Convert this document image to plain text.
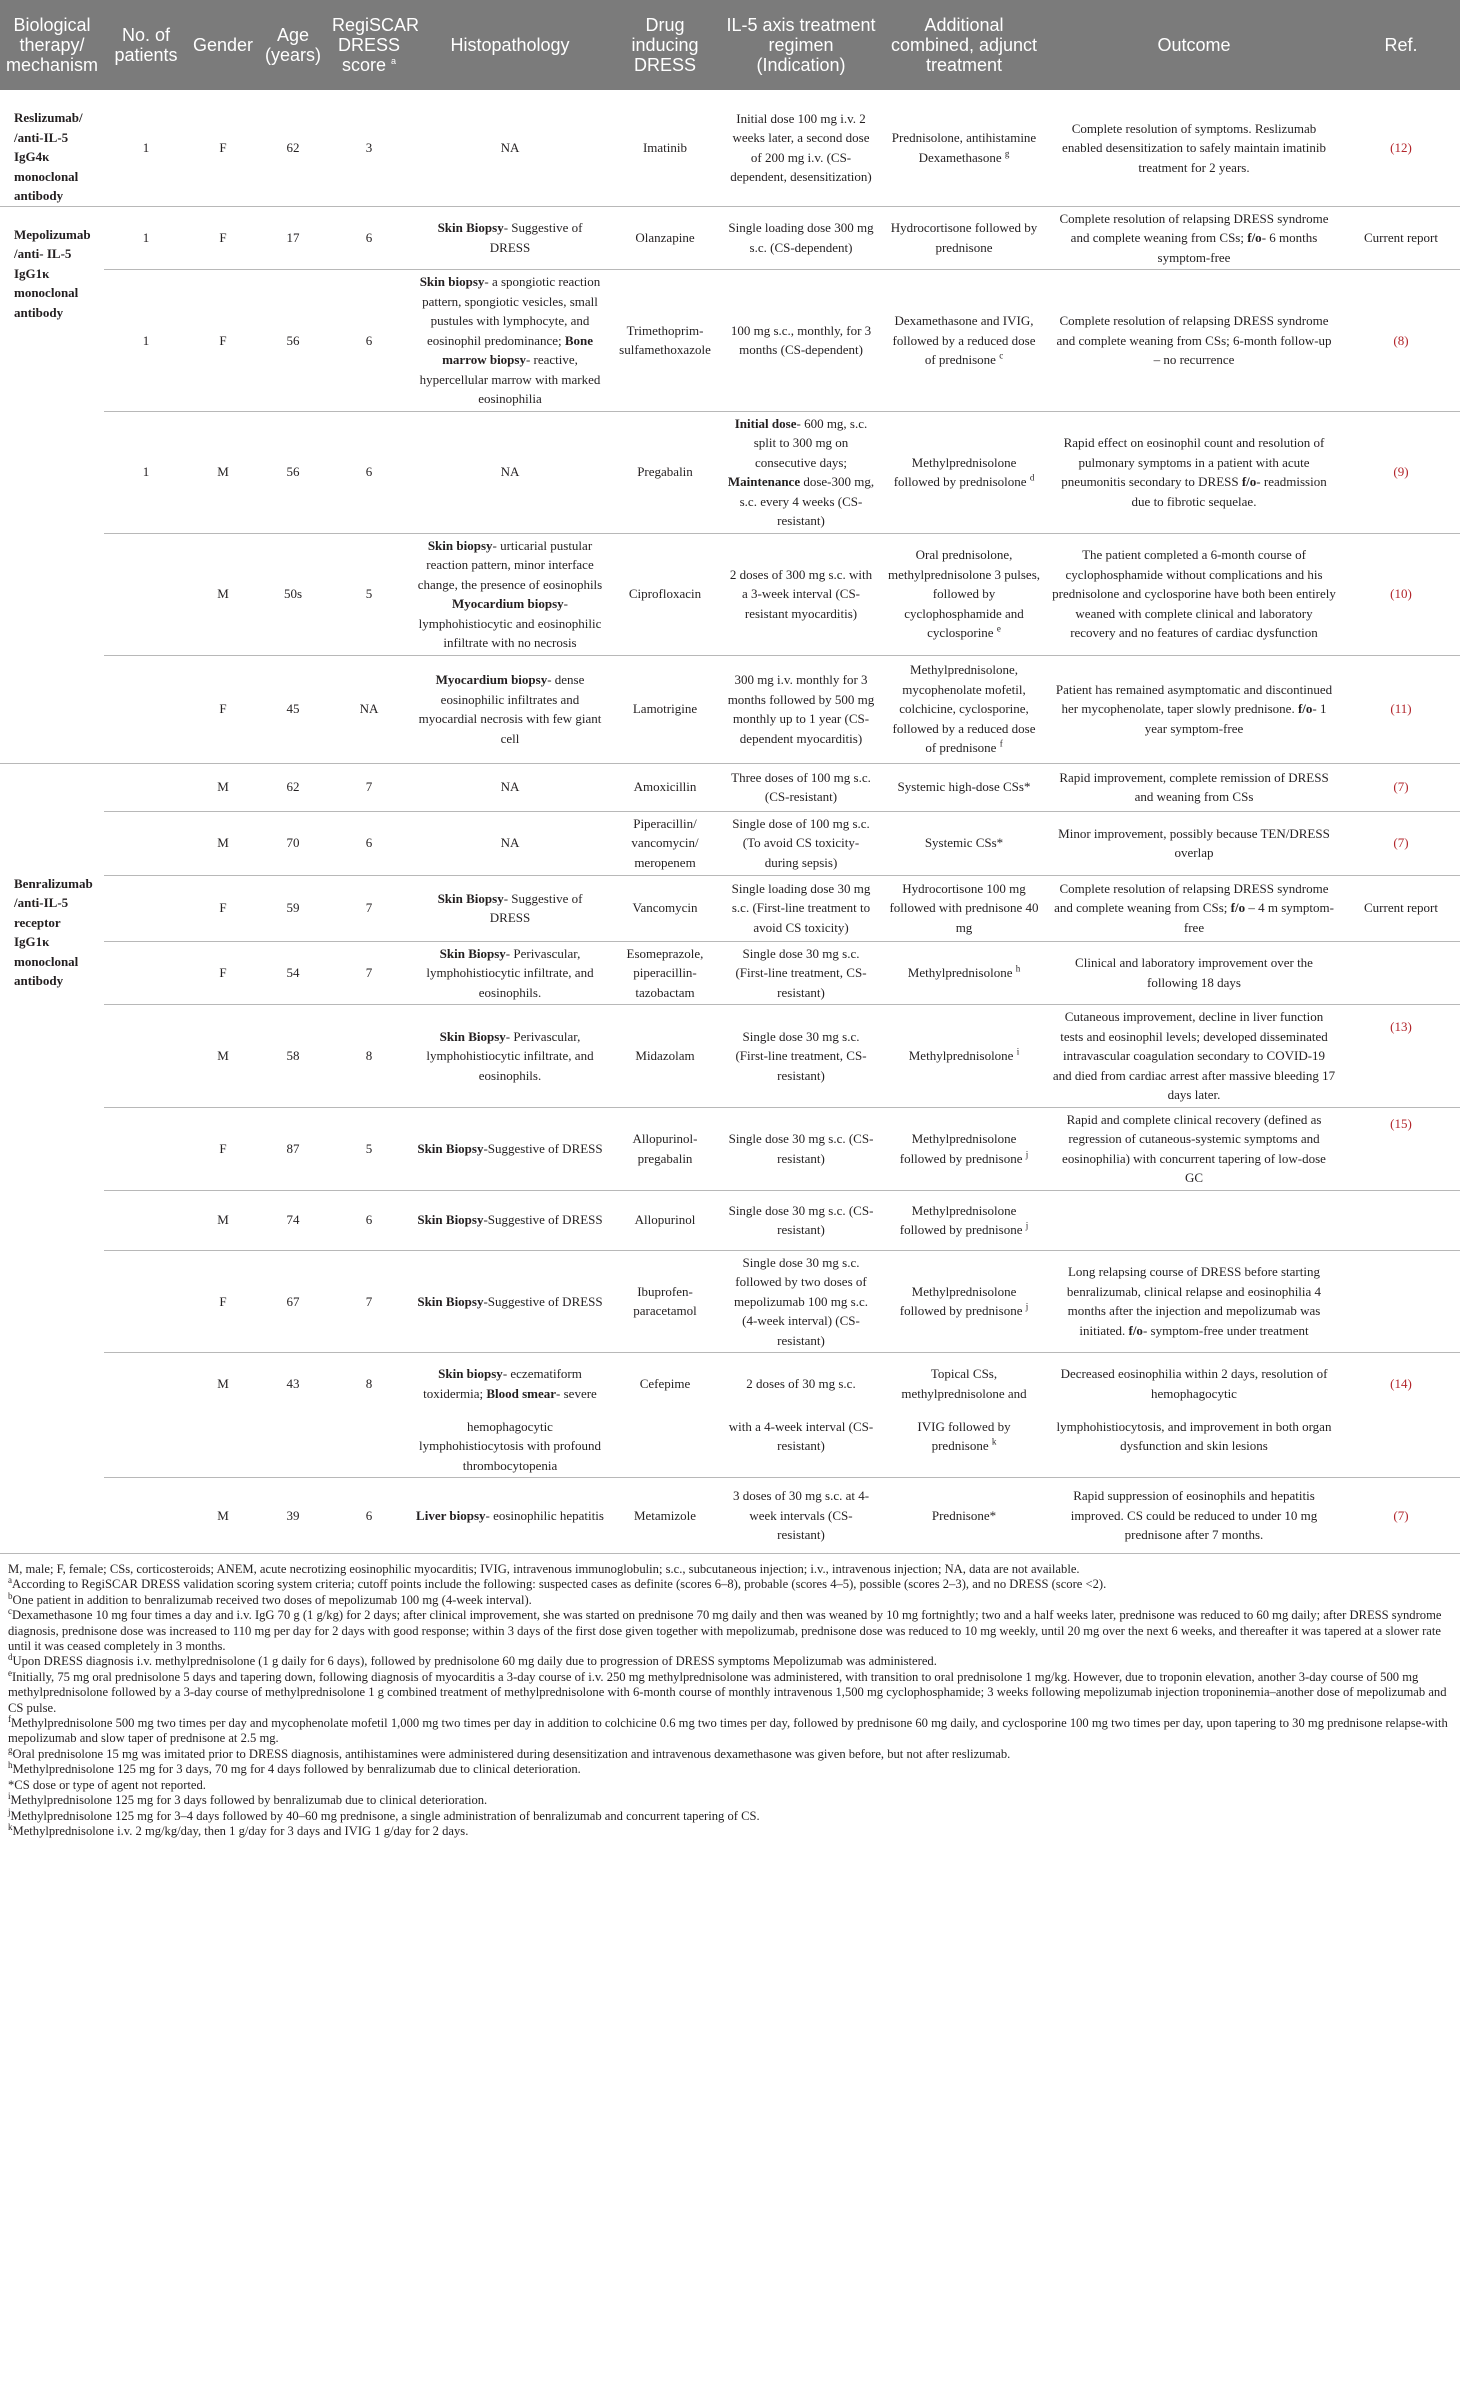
Biological therapy/ mechanism	No. of patients	Gender	Age (years)	RegiSCAR DRESS score $^a$	Histopathology	Drug inducing DRESS	IL-5 axis treatment regimen (Indication)	Additional combined, adjunct treatment	Outcome	Ref.
Reslizumab/ /anti-IL-5 IgG4κ monoclonal antibody	1	F	62	3	NA	Imatinib	Initial dose 100 mg i.v. 2 weeks later, a second dose of 200 mg i.v. (CS-dependent, desensitization)	Prednisolone, antihistamine Dexamethasone $^g$	Complete resolution of symptoms. Reslizumab enabled desensitization to safely maintain imatinib treatment for 2 years.	(12)
Mepolizumab /anti- IL-5 IgG1κ monoclonal antibody	1	F	17	6	Skin Biopsy- Suggestive of DRESS	Olanzapine	Single loading dose 300 mg s.c. (CS-dependent)	Hydrocortisone followed by prednisone	Complete resolution of relapsing DRESS syndrome and complete weaning from CSs; f/o- 6 months symptom-free	Current report
	1	F	56	6	Skin biopsy- a spongiotic reaction pattern, spongiotic vesicles, small pustules with lymphocyte, and eosinophil predominance; Bone marrow biopsy- reactive, hypercellular marrow with marked eosinophilia	Trimethoprim-sulfamethoxazole	100 mg s.c., monthly, for 3 months (CS-dependent)	Dexamethasone and IVIG, followed by a reduced dose of prednisone $^c$	Complete resolution of relapsing DRESS syndrome and complete weaning from CSs; 6-month follow-up – no recurrence	(8)
	1	M	56	6	NA	Pregabalin	Initial dose- 600 mg, s.c. split to 300 mg on consecutive days; Maintenance dose-300 mg, s.c. every 4 weeks (CS-resistant)	Methylprednisolone followed by prednisolone $^d$	Rapid effect on eosinophil count and resolution of pulmonary symptoms in a patient with acute pneumonitis secondary to DRESS f/o- readmission due to fibrotic sequelae.	(9)
		M	50s	5	Skin biopsy- urticarial pustular reaction pattern, minor interface change, the presence of eosinophils Myocardium biopsy- lymphohistiocytic and eosinophilic infiltrate with no necrosis	Ciprofloxacin	2 doses of 300 mg s.c. with a 3-week interval (CS-resistant myocarditis)	Oral prednisolone, methylprednisolone 3 pulses, followed by cyclophosphamide and cyclosporine $^e$	The patient completed a 6-month course of cyclophosphamide without complications and his prednisolone and cyclosporine have both been entirely weaned with complete clinical and laboratory recovery and no features of cardiac dysfunction	(10)
		F	45	NA	Myocardium biopsy- dense eosinophilic infiltrates and myocardial necrosis with few giant cell	Lamotrigine	300 mg i.v. monthly for 3 months followed by 500 mg monthly up to 1 year (CS-dependent myocarditis)	Methylprednisolone, mycophenolate mofetil, colchicine, cyclosporine, followed by a reduced dose of prednisone $^f$	Patient has remained asymptomatic and discontinued her mycophenolate, taper slowly prednisone. f/o- 1 year symptom-free	(11)
Benralizumab /anti-IL-5 receptor IgG1κ monoclonal antibody		M	62	7	NA	Amoxicillin	Three doses of 100 mg s.c. (CS-resistant)	Systemic high-dose CSs*	Rapid improvement, complete remission of DRESS and weaning from CSs	(7)
		M	70	6	NA	Piperacillin/ vancomycin/ meropenem	Single dose of 100 mg s.c. (To avoid CS toxicity-during sepsis)	Systemic CSs*	Minor improvement, possibly because TEN/DRESS overlap	(7)
		F	59	7	Skin Biopsy- Suggestive of DRESS	Vancomycin	Single loading dose 30 mg s.c. (First-line treatment to avoid CS toxicity)	Hydrocortisone 100 mg followed with prednisone 40 mg	Complete resolution of relapsing DRESS syndrome and complete weaning from CSs; f/o – 4 m symptom-free	Current report
		F	54	7	Skin Biopsy- Perivascular, lymphohistiocytic infiltrate, and eosinophils.	Esomeprazole, piperacillin-tazobactam	Single dose 30 mg s.c. (First-line treatment, CS-resistant)	Methylprednisolone $^h$	Clinical and laboratory improvement over the following 18 days	
		M	58	8	Skin Biopsy- Perivascular, lymphohistiocytic infiltrate, and eosinophils.	Midazolam	Single dose 30 mg s.c. (First-line treatment, CS-resistant)	Methylprednisolone $^i$	Cutaneous improvement, decline in liver function tests and eosinophil levels; developed disseminated intravascular coagulation secondary to COVID-19 and died from cardiac arrest after massive bleeding 17 days later.	(13)
		F	87	5	Skin Biopsy-Suggestive of DRESS	Allopurinol-pregabalin	Single dose 30 mg s.c. (CS-resistant)	Methylprednisolone followed by prednisone $^j$	Rapid and complete clinical recovery (defined as regression of cutaneous-systemic symptoms and eosinophilia) with concurrent tapering of low-dose GC	(15)
		M	74	6	Skin Biopsy-Suggestive of DRESS	Allopurinol	Single dose 30 mg s.c. (CS-resistant)	Methylprednisolone followed by prednisone $^j$		
		F	67	7	Skin Biopsy-Suggestive of DRESS	Ibuprofen-paracetamol	Single dose 30 mg s.c. followed by two doses of mepolizumab 100 mg s.c. (4-week interval) (CS-resistant)	Methylprednisolone followed by prednisone $^j$	Long relapsing course of DRESS before starting benralizumab, clinical relapse and eosinophilia 4 months after the injection and mepolizumab was initiated. f/o- symptom-free under treatment	
		M	43	8	Skin biopsy- eczematiform toxidermia; Blood smear- severe	Cefepime	2 doses of 30 mg s.c.	Topical CSs, methylprednisolone and	Decreased eosinophilia within 2 days, resolution of hemophagocytic	(14)
					hemophagocytic lymphohistiocytosis with profound thrombocytopenia		with a 4-week interval (CS-resistant)	IVIG followed by prednisone $^k$	lymphohistiocytosis, and improvement in both organ dysfunction and skin lesions	
		M	39	6	Liver biopsy- eosinophilic hepatitis	Metamizole	3 doses of 30 mg s.c. at 4-week intervals (CS-resistant)	Prednisone*	Rapid suppression of eosinophils and hepatitis improved. CS could be reduced to under 10 mg prednisone after 7 months.	(7)

M, male; F, female; CSs, corticosteroids; ANEM, acute necrotizing eosinophilic myocarditis; IVIG, intravenous immunoglobulin; s.c., subcutaneous injection; i.v., intravenous injection; NA, data are not available.

$^a$According to RegiSCAR DRESS validation scoring system criteria; cutoff points include the following: suspected cases as definite (scores 6–8), probable (scores 4–5), possible (scores 2–3), and no DRESS (score <2).

$^b$One patient in addition to benralizumab received two doses of mepolizumab 100 mg (4-week interval).

$^c$Dexamethasone 10 mg four times a day and i.v. IgG 70 g (1 g/kg) for 2 days; after clinical improvement, she was started on prednisone 70 mg daily and then was weaned by 10 mg fortnightly; two and a half weeks later, prednisone was reduced to 60 mg daily; after DRESS syndrome diagnosis, prednisone dose was increased to 110 mg per day for 2 days with good response; within 3 days of the first dose given together with mepolizumab, prednisone dose was reduced to 10 mg weekly, until 20 mg over the next 6 weeks, and thereafter it was tapered at a slower rate until it was ceased completely in 3 months.

$^d$Upon DRESS diagnosis i.v. methylprednisolone (1 g daily for 6 days), followed by prednisolone 60 mg daily due to progression of DRESS symptoms Mepolizumab was administered.

$^e$Initially, 75 mg oral prednisolone 5 days and tapering down, following diagnosis of myocarditis a 3-day course of i.v. 250 mg methylprednisolone was administered, with transition to oral prednisolone 1 mg/kg. However, due to troponin elevation, another 3-day course of 500 mg methylprednisolone followed by a 3-day course of methylprednisolone 1 g combined treatment of methylprednisolone with 6-month course of monthly intravenous 1,500 mg cyclophosphamide; 3 weeks following mepolizumab injection troponinemia–another dose of mepolizumab and CS pulse.

$^f$Methylprednisolone 500 mg two times per day and mycophenolate mofetil 1,000 mg two times per day in addition to colchicine 0.6 mg two times per day, followed by prednisone 60 mg daily, and cyclosporine 100 mg two times per day, upon tapering to 30 mg prednisone relapse-with mepolizumab and slow taper of prednisone at 2.5 mg.

$^g$Oral prednisolone 15 mg was imitated prior to DRESS diagnosis, antihistamines were administered during desensitization and intravenous dexamethasone was given before, but not after reslizumab.

$^h$Methylprednisolone 125 mg for 3 days, 70 mg for 4 days followed by benralizumab due to clinical deterioration.

*CS dose or type of agent not reported.

$^i$Methylprednisolone 125 mg for 3 days followed by benralizumab due to clinical deterioration.

$^j$Methylprednisolone 125 mg for 3–4 days followed by 40–60 mg prednisone, a single administration of benralizumab and concurrent tapering of CS.

$^k$Methylprednisolone i.v. 2 mg/kg/day, then 1 g/day for 3 days and IVIG 1 g/day for 2 days.
